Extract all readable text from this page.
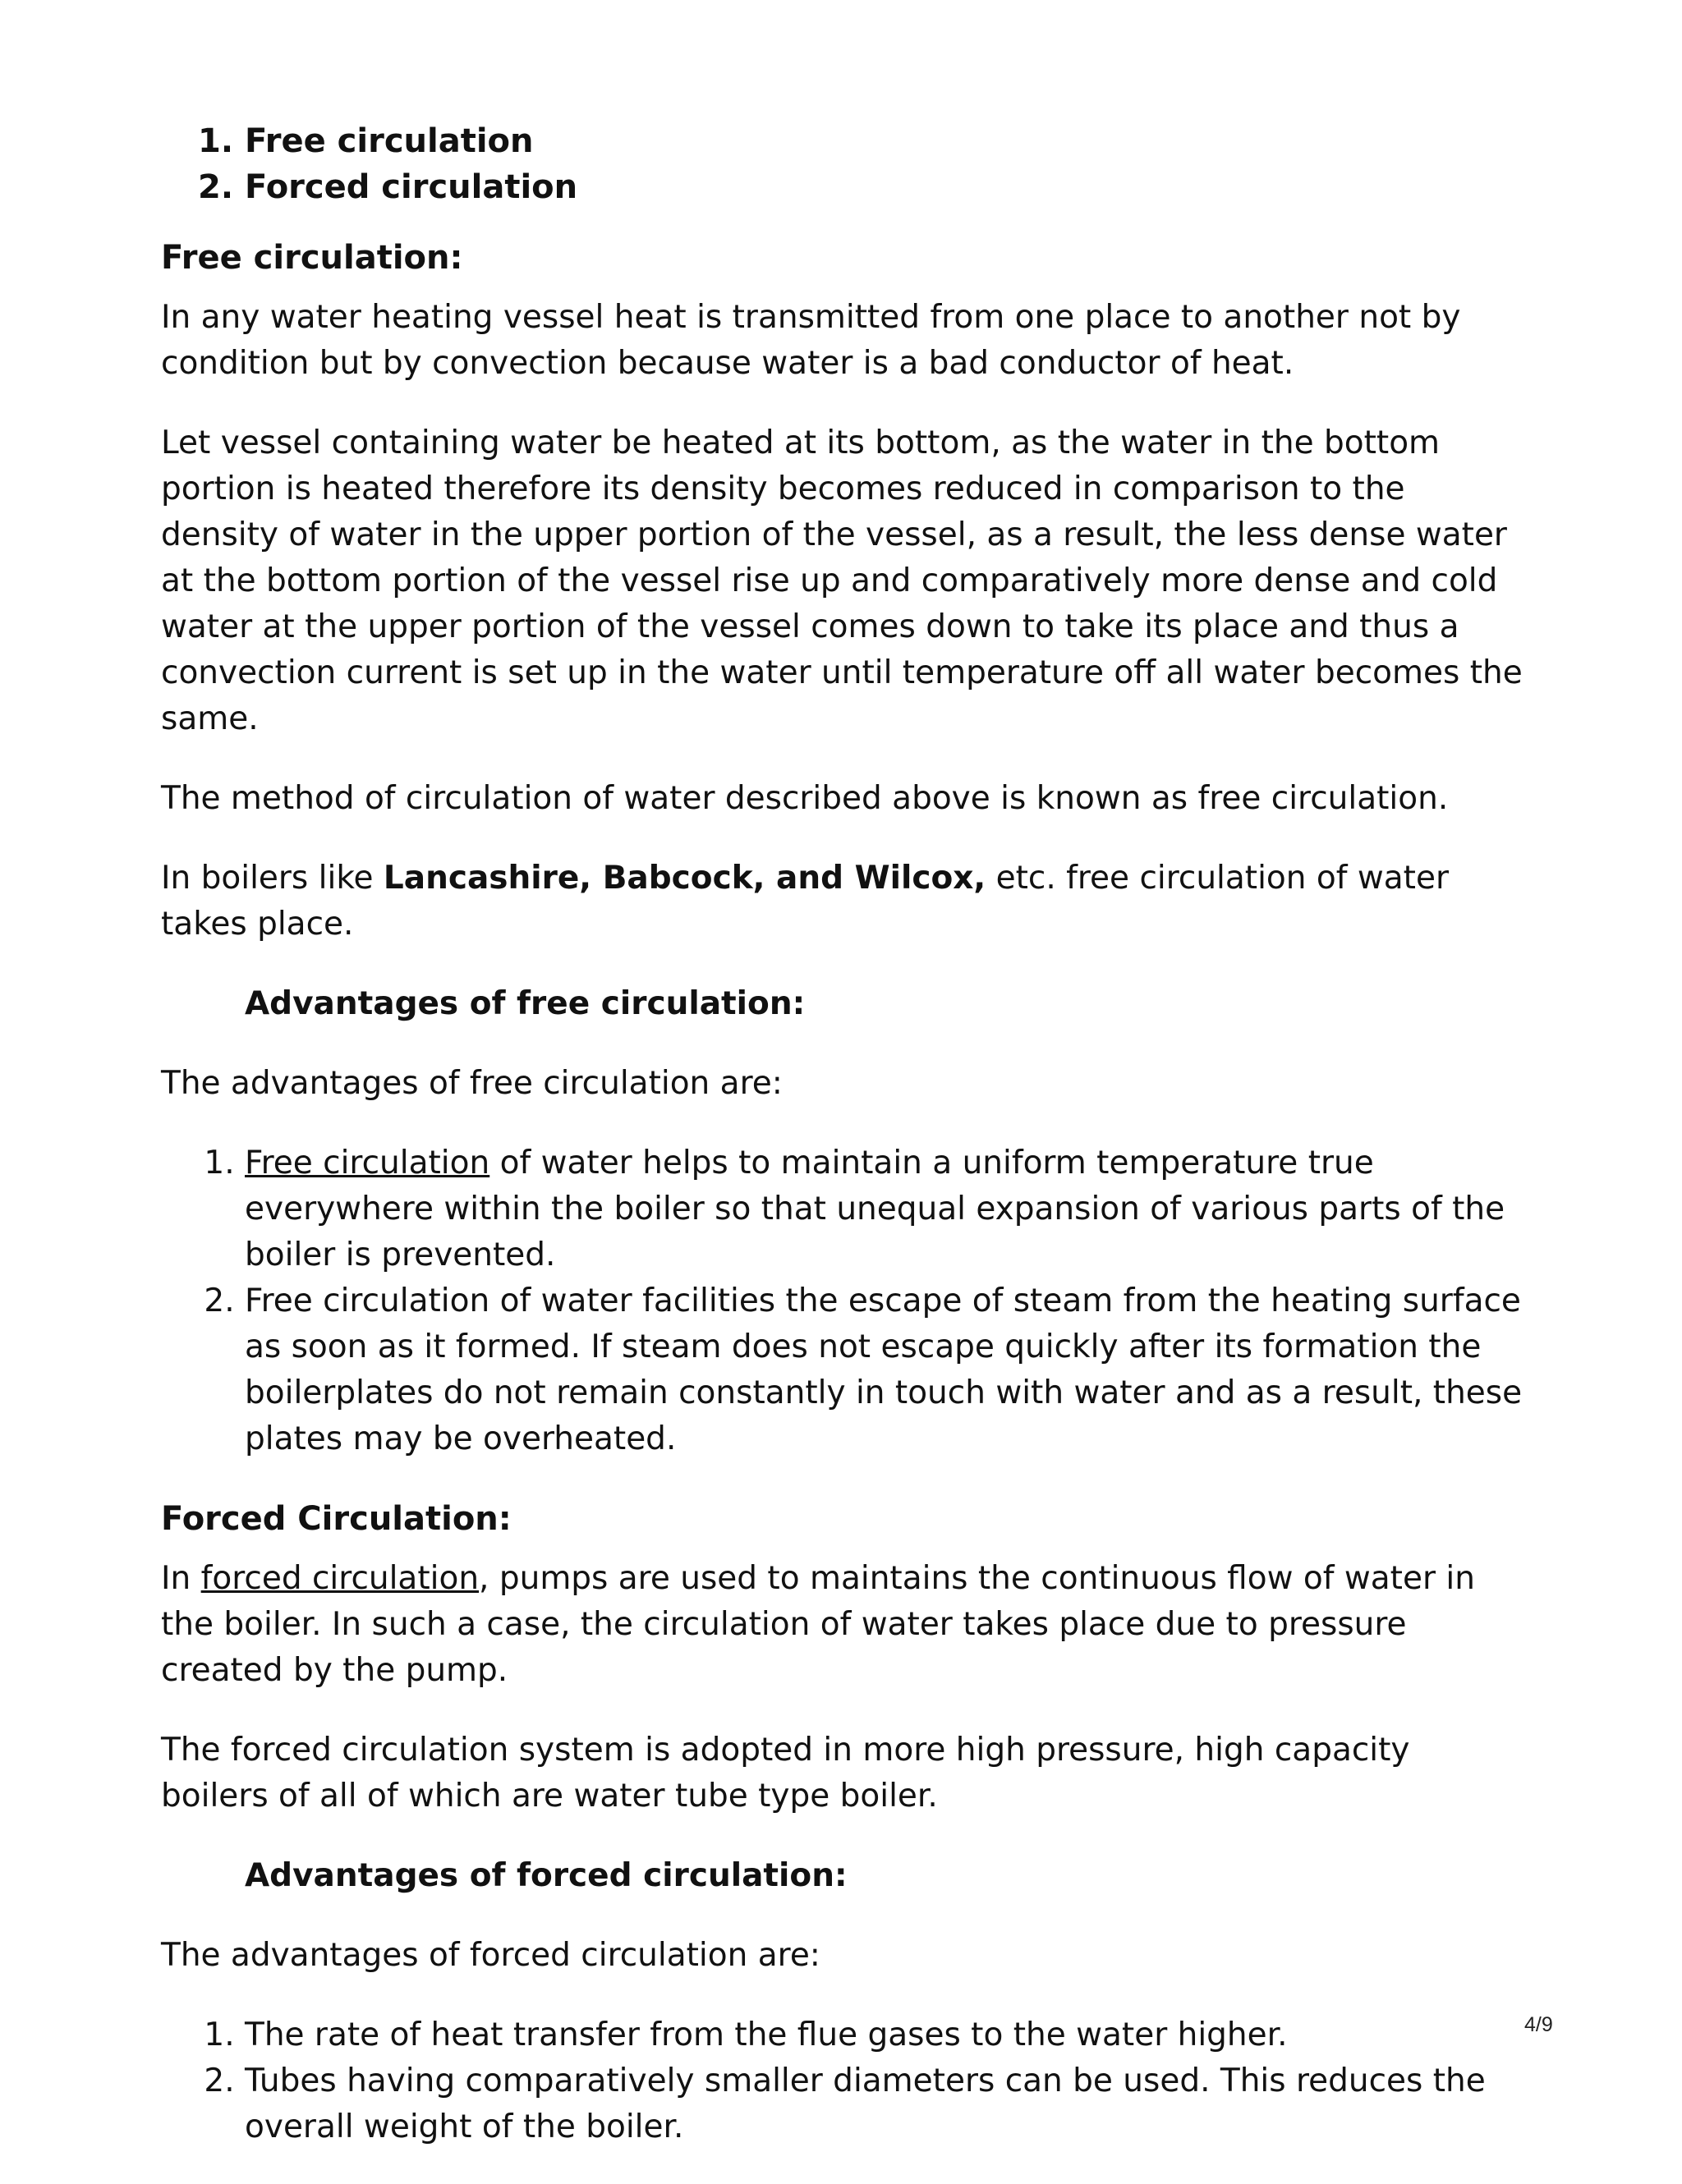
1. Free circulation
2. Forced circulation
Free circulation:

In any water heating vessel heat is transmitted from one place to another not by condition but by convection because water is a bad conductor of heat.

Let vessel containing water be heated at its bottom, as the water in the bottom portion is heated therefore its density becomes reduced in comparison to the density of water in the upper portion of the vessel, as a result, the less dense water at the bottom portion of the vessel rise up and comparatively more dense and cold water at the upper portion of the vessel comes down to take its place and thus a convection current is set up in the water until temperature off all water becomes the same.

The method of circulation of water described above is known as free circulation.

In boilers like Lancashire, Babcock, and Wilcox, etc. free circulation of water takes place.

Advantages of free circulation:

The advantages of free circulation are:

1. Free circulation of water helps to maintain a uniform temperature true everywhere within the boiler so that unequal expansion of various parts of the boiler is prevented.
2. Free circulation of water facilities the escape of steam from the heating surface as soon as it formed. If steam does not escape quickly after its formation the boilerplates do not remain constantly in touch with water and as a result, these plates may be overheated.
Forced Circulation:

In forced circulation, pumps are used to maintains the continuous flow of water in the boiler. In such a case, the circulation of water takes place due to pressure created by the pump.

The forced circulation system is adopted in more high pressure, high capacity boilers of all of which are water tube type boiler.

Advantages of forced circulation:

The advantages of forced circulation are:

1. The rate of heat transfer from the flue gases to the water higher.
2. Tubes having comparatively smaller diameters can be used. This reduces the overall weight of the boiler.
4/9
